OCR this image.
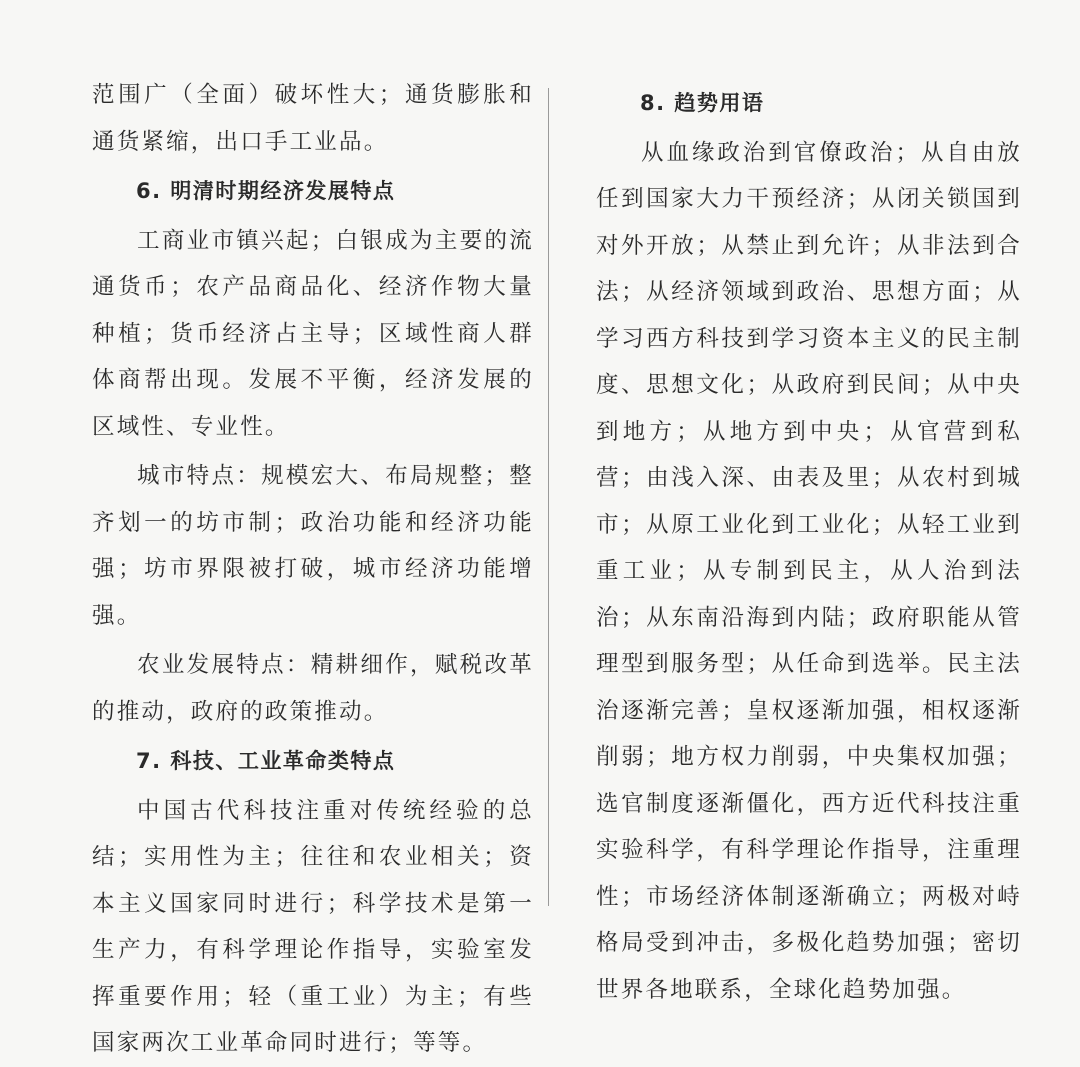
范围广（全面）破坏性大；通货膨胀和通货紧缩，出口手工业品。

6. 明清时期经济发展特点

工商业市镇兴起；白银成为主要的流通货币；农产品商品化、经济作物大量种植；货币经济占主导；区域性商人群体商帮出现。发展不平衡，经济发展的区域性、专业性。

城市特点：规模宏大、布局规整；整齐划一的坊市制；政治功能和经济功能强；坊市界限被打破，城市经济功能增强。

农业发展特点：精耕细作，赋税改革的推动，政府的政策推动。

7. 科技、工业革命类特点

中国古代科技注重对传统经验的总结；实用性为主；往往和农业相关；资本主义国家同时进行；科学技术是第一生产力，有科学理论作指导，实验室发挥重要作用；轻（重工业）为主；有些国家两次工业革命同时进行；等等。

8. 趋势用语

从血缘政治到官僚政治；从自由放任到国家大力干预经济；从闭关锁国到对外开放；从禁止到允许；从非法到合法；从经济领域到政治、思想方面；从学习西方科技到学习资本主义的民主制度、思想文化；从政府到民间；从中央到地方；从地方到中央；从官营到私营；由浅入深、由表及里；从农村到城市；从原工业化到工业化；从轻工业到重工业；从专制到民主，从人治到法治；从东南沿海到内陆；政府职能从管理型到服务型；从任命到选举。民主法治逐渐完善；皇权逐渐加强，相权逐渐削弱；地方权力削弱，中央集权加强；选官制度逐渐僵化，西方近代科技注重实验科学，有科学理论作指导，注重理性；市场经济体制逐渐确立；两极对峙格局受到冲击，多极化趋势加强；密切世界各地联系，全球化趋势加强。
